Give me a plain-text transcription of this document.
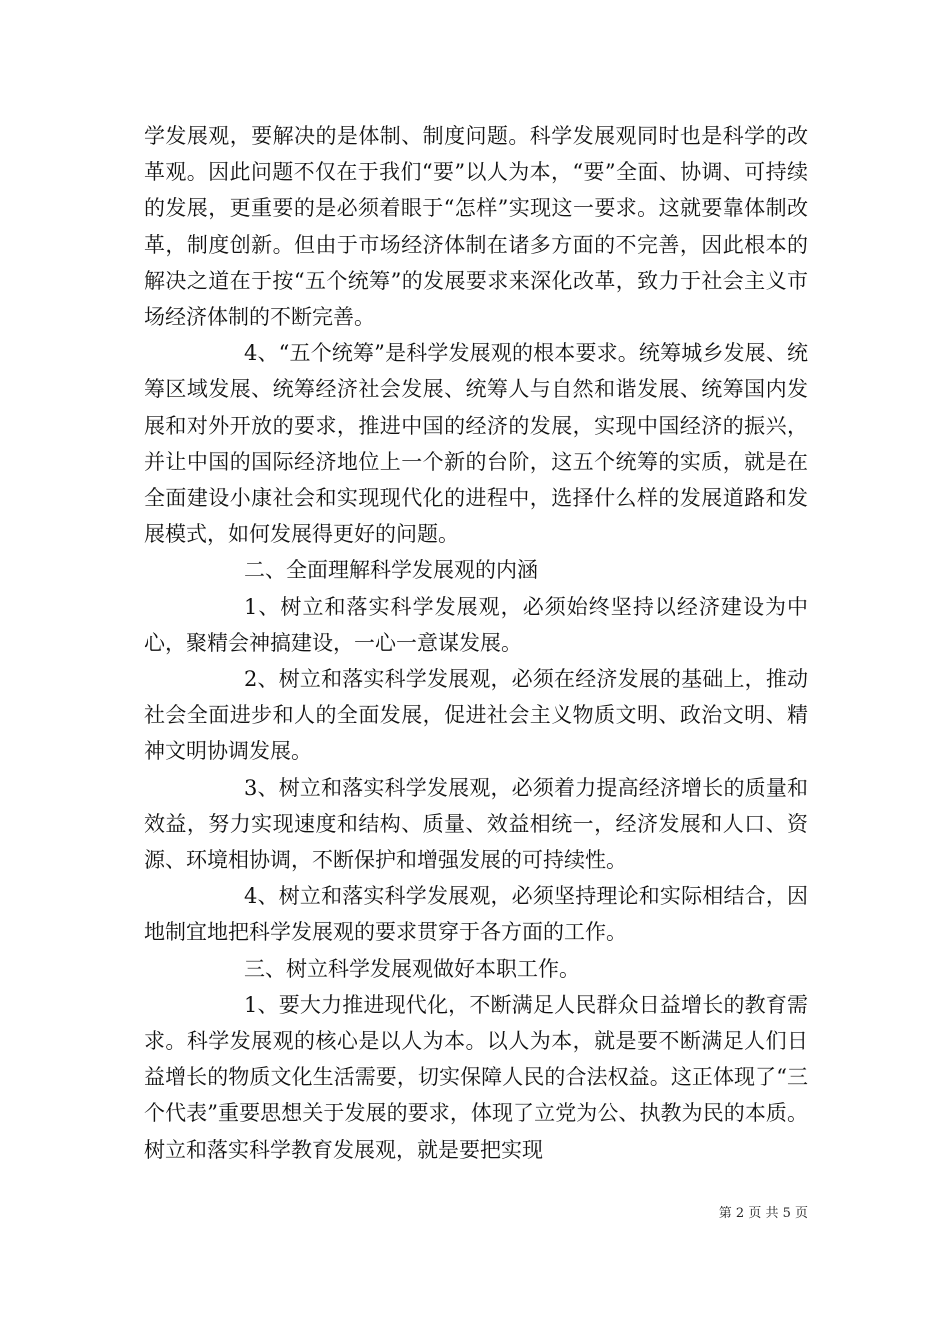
学发展观，要解决的是体制、制度问题。科学发展观同时也是科学的改革观。因此问题不仅在于我们“要”以人为本，“要”全面、协调、可持续的发展，更重要的是必须着眼于“怎样”实现这一要求。这就要靠体制改革，制度创新。但由于市场经济体制在诸多方面的不完善，因此根本的解决之道在于按“五个统筹”的发展要求来深化改革，致力于社会主义市场经济体制的不断完善。

4、“五个统筹”是科学发展观的根本要求。统筹城乡发展、统筹区域发展、统筹经济社会发展、统筹人与自然和谐发展、统筹国内发展和对外开放的要求，推进中国的经济的发展，实现中国经济的振兴，并让中国的国际经济地位上一个新的台阶，这五个统筹的实质，就是在全面建设小康社会和实现现代化的进程中，选择什么样的发展道路和发展模式，如何发展得更好的问题。

二、全面理解科学发展观的内涵

1、树立和落实科学发展观，必须始终坚持以经济建设为中心，聚精会神搞建设，一心一意谋发展。

2、树立和落实科学发展观，必须在经济发展的基础上，推动社会全面进步和人的全面发展，促进社会主义物质文明、政治文明、精神文明协调发展。

3、树立和落实科学发展观，必须着力提高经济增长的质量和效益，努力实现速度和结构、质量、效益相统一，经济发展和人口、资源、环境相协调，不断保护和增强发展的可持续性。

4、树立和落实科学发展观，必须坚持理论和实际相结合，因地制宜地把科学发展观的要求贯穿于各方面的工作。

三、树立科学发展观做好本职工作。

1、要大力推进现代化，不断满足人民群众日益增长的教育需求。科学发展观的核心是以人为本。以人为本，就是要不断满足人们日益增长的物质文化生活需要，切实保障人民的合法权益。这正体现了“三个代表”重要思想关于发展的要求，体现了立党为公、执教为民的本质。树立和落实科学教育发展观，就是要把实现

第 2 页 共 5 页
